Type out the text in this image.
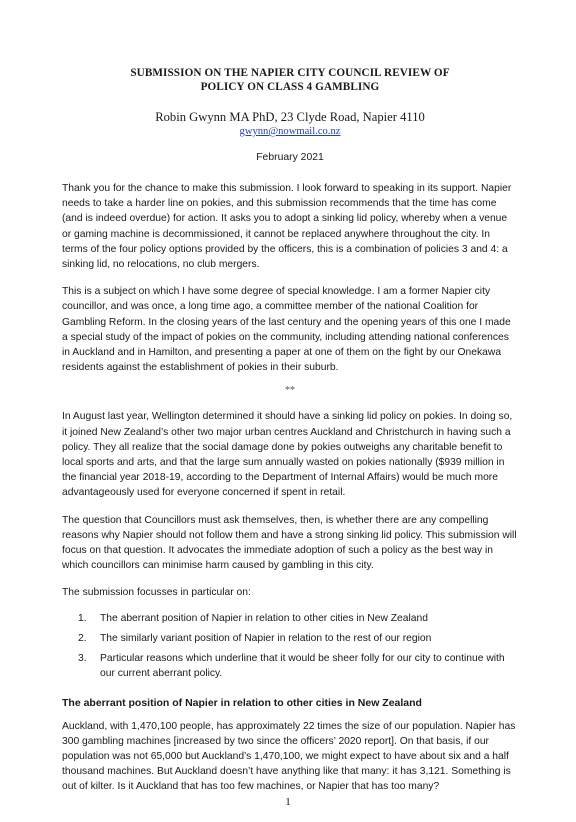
SUBMISSION ON THE NAPIER CITY COUNCIL REVIEW OF
POLICY ON CLASS 4 GAMBLING
Robin Gwynn MA PhD, 23 Clyde Road, Napier 4110
gwynn@nowmail.co.nz
February 2021

Thank you for the chance to make this submission. I look forward to speaking in its support. Napier needs to take a harder line on pokies, and this submission recommends that the time has come (and is indeed overdue) for action. It asks you to adopt a sinking lid policy, whereby when a venue or gaming machine is decommissioned, it cannot be replaced anywhere throughout the city. In terms of the four policy options provided by the officers, this is a combination of policies 3 and 4: a sinking lid, no relocations, no club mergers.

This is a subject on which I have some degree of special knowledge. I am a former Napier city councillor, and was once, a long time ago, a committee member of the national Coalition for Gambling Reform. In the closing years of the last century and the opening years of this one I made a special study of the impact of pokies on the community, including attending national conferences in Auckland and in Hamilton, and presenting a paper at one of them on the fight by our Onekawa residents against the establishment of pokies in their suburb.

**

In August last year, Wellington determined it should have a sinking lid policy on pokies. In doing so, it joined New Zealand’s other two major urban centres Auckland and Christchurch in having such a policy. They all realize that the social damage done by pokies outweighs any charitable benefit to local sports and arts, and that the large sum annually wasted on pokies nationally ($939 million in the financial year 2018-19, according to the Department of Internal Affairs) would be much more advantageously used for everyone concerned if spent in retail.

The question that Councillors must ask themselves, then, is whether there are any compelling reasons why Napier should not follow them and have a strong sinking lid policy. This submission will focus on that question. It advocates the immediate adoption of such a policy as the best way in which councillors can minimise harm caused by gambling in this city.

The submission focusses in particular on:

1.	The aberrant position of Napier in relation to other cities in New Zealand
2.	The similarly variant position of Napier in relation to the rest of our region
3.	Particular reasons which underline that it would be sheer folly for our city to continue with our current aberrant policy.
The aberrant position of Napier in relation to other cities in New Zealand

Auckland, with 1,470,100 people, has approximately 22 times the size of our population. Napier has 300 gambling machines [increased by two since the officers’ 2020 report]. On that basis, if our population was not 65,000 but Auckland’s 1,470,100, we might expect to have about six and a half thousand machines. But Auckland doesn’t have anything like that many: it has 3,121. Something is out of kilter. Is it Auckland that has too few machines, or Napier that has too many?

1
